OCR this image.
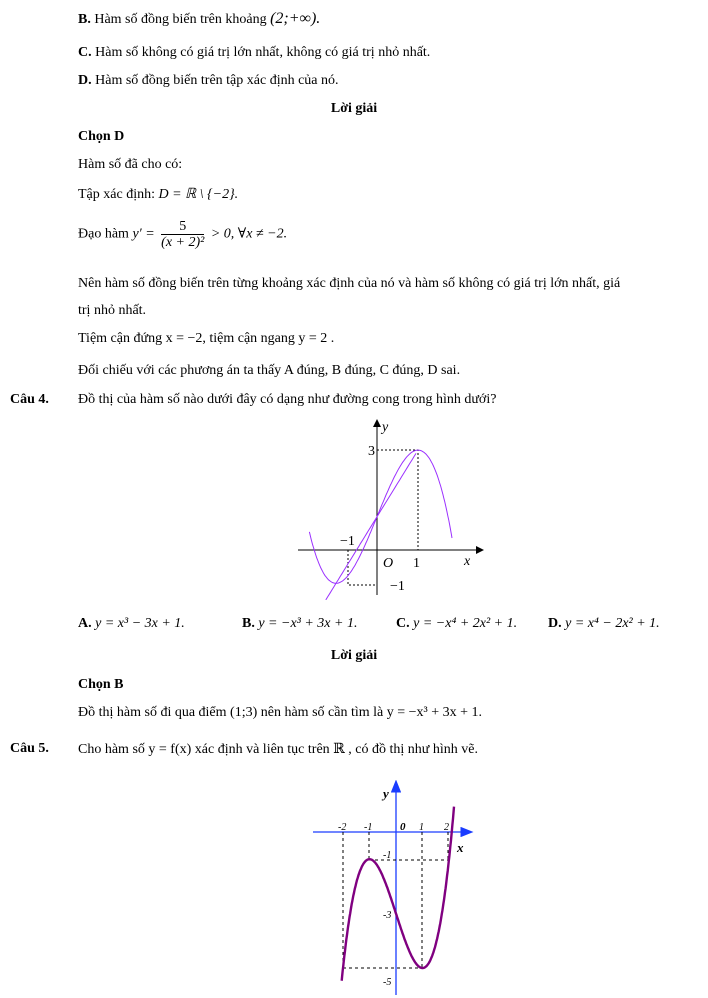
B. Hàm số đồng biến trên khoảng (2;+∞).
C. Hàm số không có giá trị lớn nhất, không có giá trị nhỏ nhất.
D. Hàm số đồng biến trên tập xác định của nó.
Lời giải
Chọn D
Hàm số đã cho có:
Tập xác định: D = ℝ \ {−2}.
Đạo hàm $y' = \frac{5}{\text{(x + 2)²}} > 0$, ∀x ≠ −2.
Nên hàm số đồng biến trên từng khoảng xác định của nó và hàm số không có giá trị lớn nhất, giá
trị nhỏ nhất.
Tiệm cận đứng x = −2, tiệm cận ngang y = 2 .
Đối chiếu với các phương án ta thấy A đúng, B đúng, C đúng, D sai.
Câu 4. Đồ thị của hàm số nào dưới đây có dạng như đường cong trong hình dưới?
y
x
3
O 1
−1
−1
A. y = x³ − 3x + 1.	B. y = −x³ + 3x + 1.	C. y = −x⁴ + 2x² + 1. D. y = x⁴ − 2x² + 1.
Lời giải
Chọn B
Đồ thị hàm số đi qua điểm (1;3) nên hàm số cần tìm là y = −x³ + 3x + 1.
Câu 5. Cho hàm số y = f(x) xác định và liên tục trên ℝ , có đồ thị như hình vẽ.
y
x
0
-2 -1	1 2
-1
-3
-5
